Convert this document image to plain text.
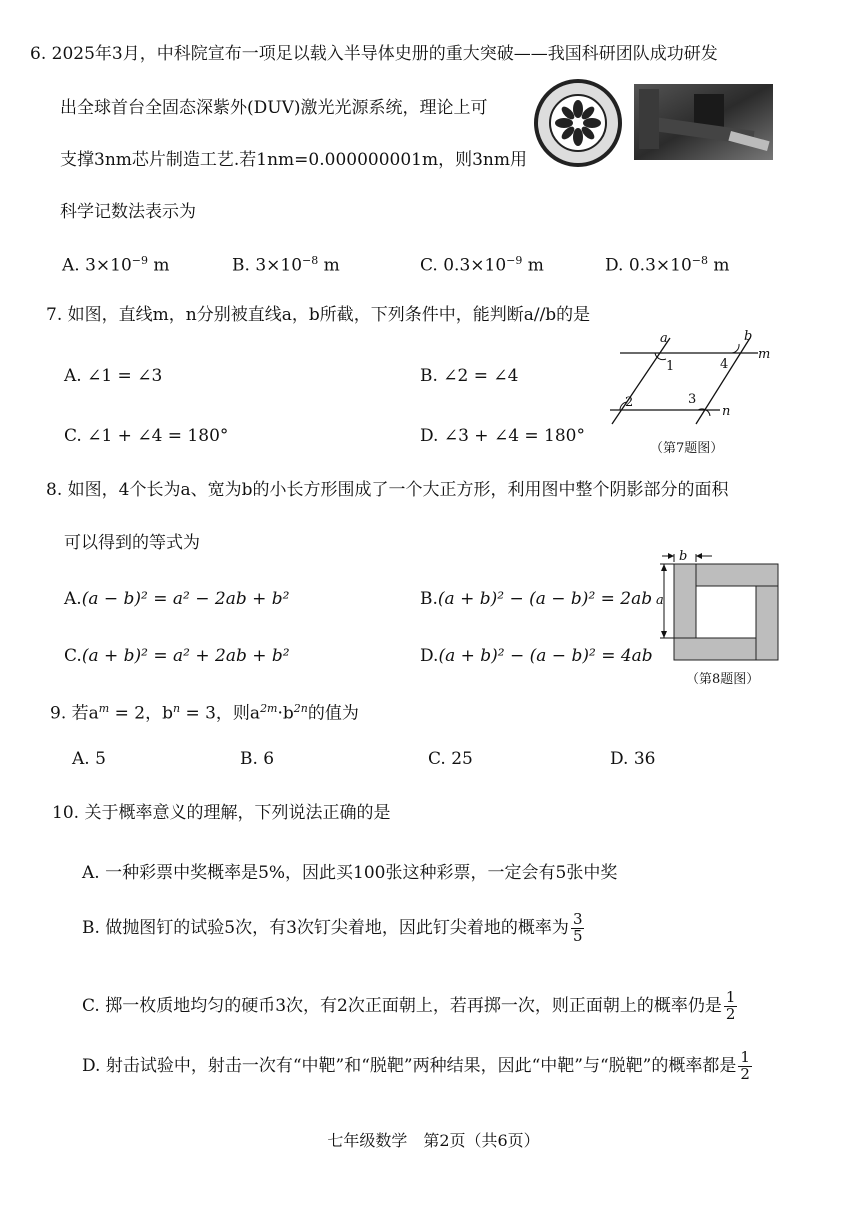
6. 2025年3月，中科院宣布一项足以载入半导体史册的重大突破——我国科研团队成功研发
出全球首台全固态深紫外(DUV)激光光源系统，理论上可
支撑3nm芯片制造工艺.若1nm=0.000000001m，则3nm用
科学记数法表示为
A. $3\times 10^{-9}$ m	B. $3\times 10^{-8}$ m	C. $0.3\times 10^{-9}$ m	D. $0.3\times 10^{-8}$ m
7. 如图，直线m，n分别被直线a，b所截，下列条件中，能判断a//b的是
A. ∠1 = ∠3	B. ∠2 = ∠4
C. ∠1 + ∠4 = 180°	D. ∠3 + ∠4 = 180°
a	b
m
n
1	4
2	3
（第7题图）
8. 如图，4个长为a、宽为b的小长方形围成了一个大正方形，利用图中整个阴影部分的面积
可以得到的等式为
A.(a − b)² = a² − 2ab + b²	B.(a + b)² − (a − b)² = 2ab
C.(a + b)² = a² + 2ab + b²	D.(a + b)² − (a − b)² = 4ab
b
a
（第8题图）
9. 若$a^m = 2$，$b^n = 3$，则$a^{2m}\cdot b^{2n}$的值为
A. 5	B. 6	C. 25	D. 36
10. 关于概率意义的理解，下列说法正确的是
A. 一种彩票中奖概率是5%，因此买100张这种彩票，一定会有5张中奖
B. 做抛图钉的试验5次，有3次钉尖着地，因此钉尖着地的概率为 $\frac{3}{5}$
C. 掷一枚质地均匀的硬币3次，有2次正面朝上，若再掷一次，则正面朝上的概率仍是 $\frac{1}{2}$
D. 射击试验中，射击一次有“中靶”和“脱靶”两种结果，因此“中靶”与“脱靶”的概率都是 $\frac{1}{2}$
七年级数学　第2页（共6页）
